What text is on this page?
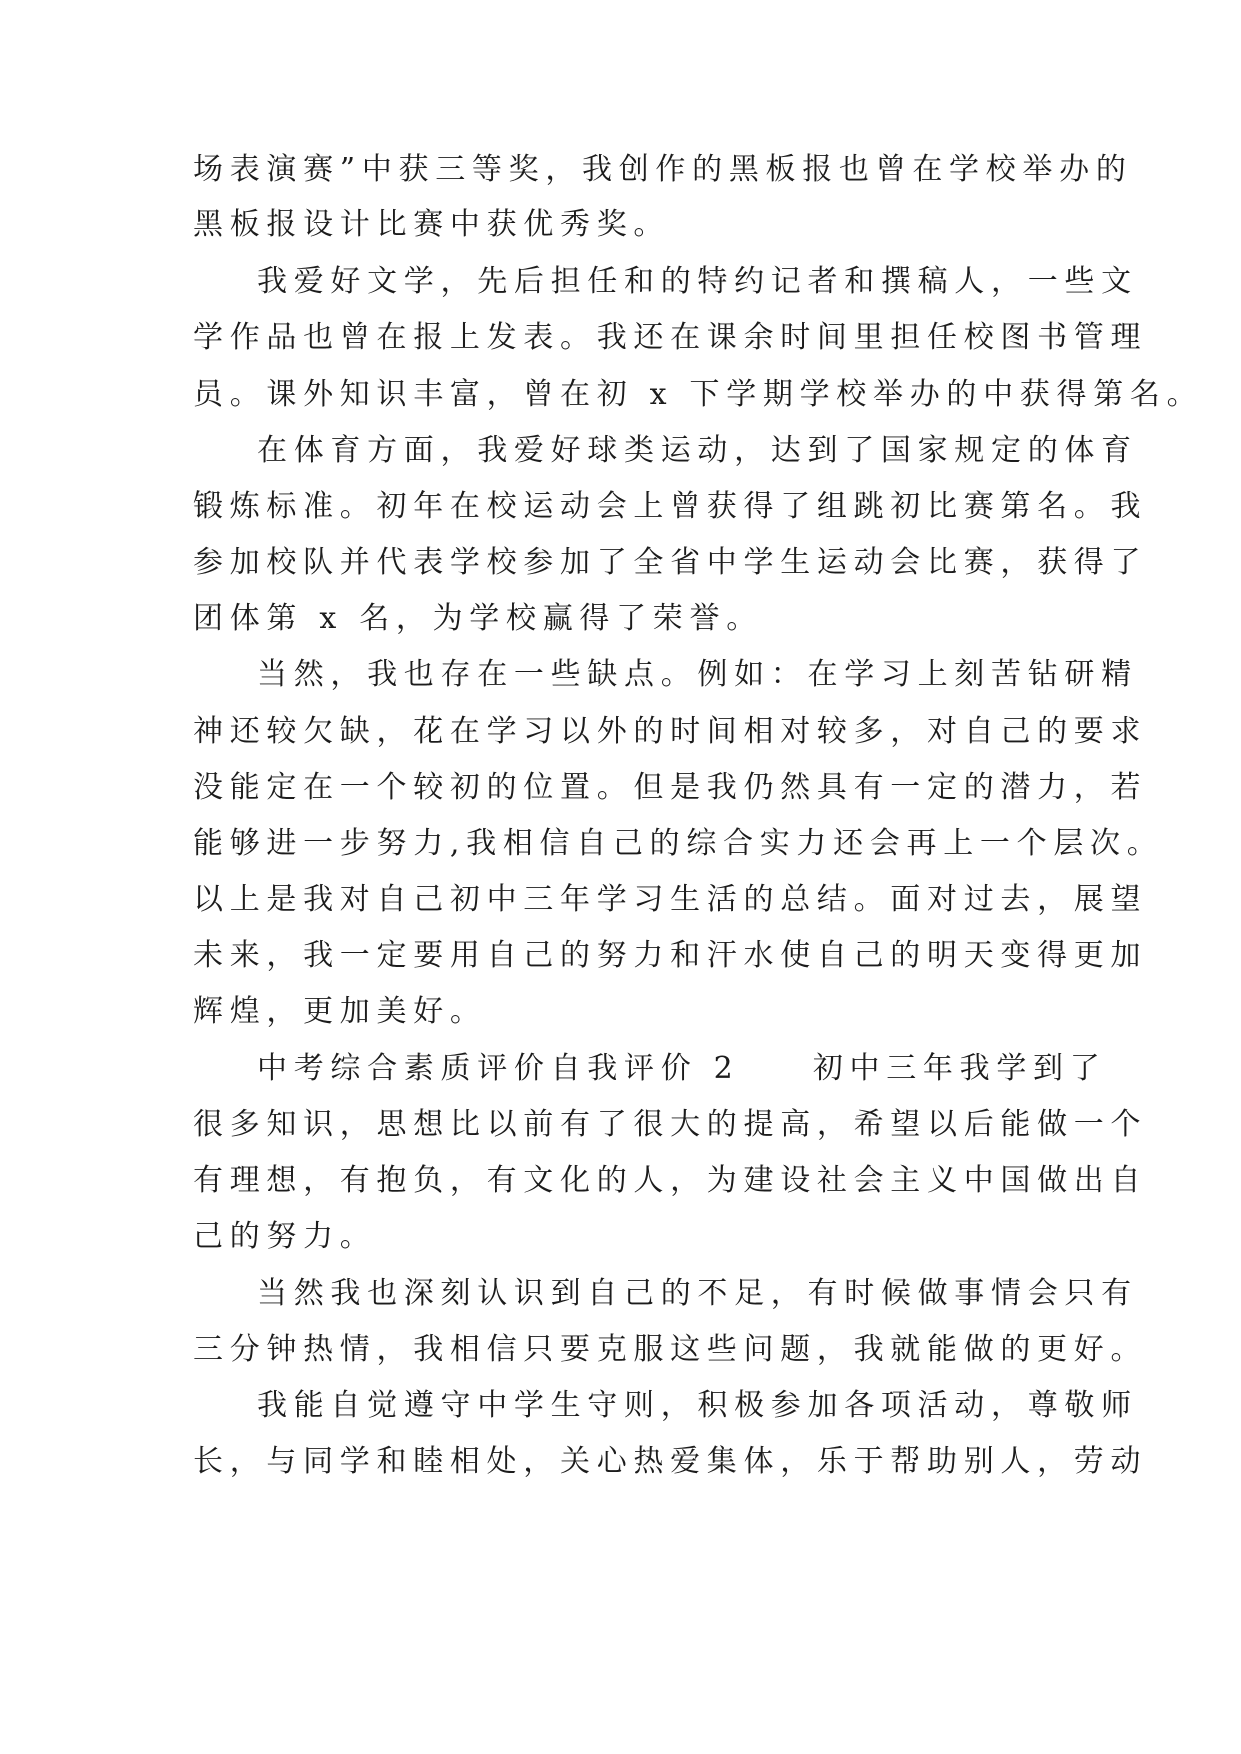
场表演赛”中获三等奖，我创作的黑板报也曾在学校举办的

黑板报设计比赛中获优秀奖。

我爱好文学，先后担任和的特约记者和撰稿人，一些文

学作品也曾在报上发表。我还在课余时间里担任校图书管理

员。课外知识丰富，曾在初 x 下学期学校举办的中获得第名。

在体育方面，我爱好球类运动，达到了国家规定的体育

锻炼标准。初年在校运动会上曾获得了组跳初比赛第名。我

参加校队并代表学校参加了全省中学生运动会比赛，获得了

团体第 x 名，为学校赢得了荣誉。

当然，我也存在一些缺点。例如：在学习上刻苦钻研精

神还较欠缺，花在学习以外的时间相对较多，对自己的要求

没能定在一个较初的位置。但是我仍然具有一定的潜力，若

能够进一步努力,我相信自己的综合实力还会再上一个层次。

以上是我对自己初中三年学习生活的总结。面对过去，展望

未来，我一定要用自己的努力和汗水使自己的明天变得更加

辉煌，更加美好。

中考综合素质评价自我评价 2　　初中三年我学到了

很多知识，思想比以前有了很大的提高，希望以后能做一个

有理想，有抱负，有文化的人，为建设社会主义中国做出自

己的努力。

当然我也深刻认识到自己的不足，有时候做事情会只有

三分钟热情，我相信只要克服这些问题，我就能做的更好。

我能自觉遵守中学生守则，积极参加各项活动，尊敬师

长，与同学和睦相处，关心热爱集体，乐于帮助别人，劳动
